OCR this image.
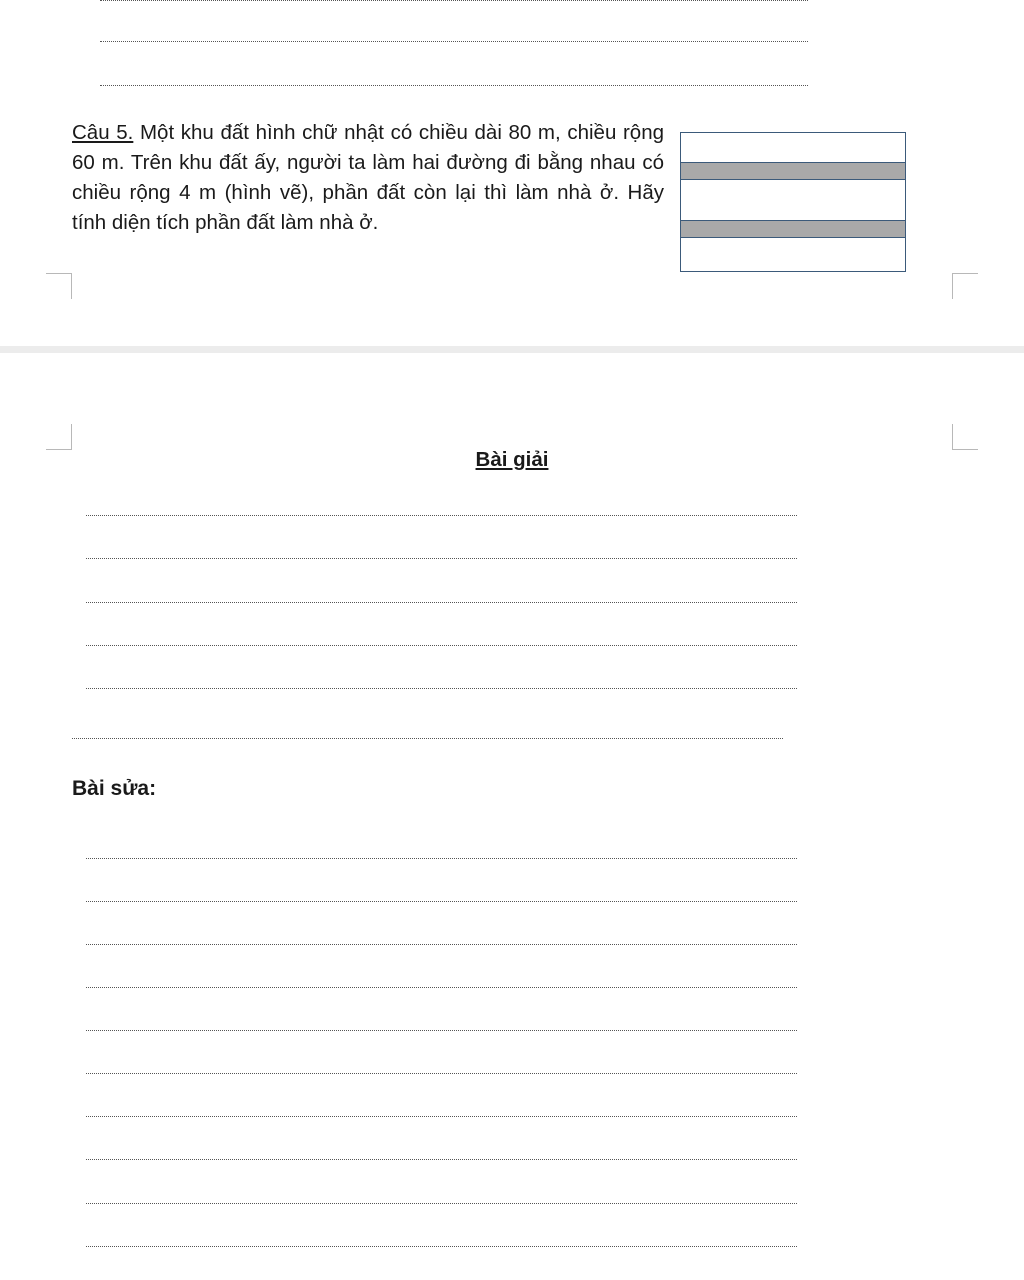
Câu 5. Một khu đất hình chữ nhật có chiều dài 80 m, chiều rộng 60 m. Trên khu đất ấy, người ta làm hai đường đi bằng nhau có chiều rộng 4 m (hình vẽ), phần đất còn lại thì làm nhà ở. Hãy tính diện tích phần đất làm nhà ở.

Bài giải

Bài sửa:
